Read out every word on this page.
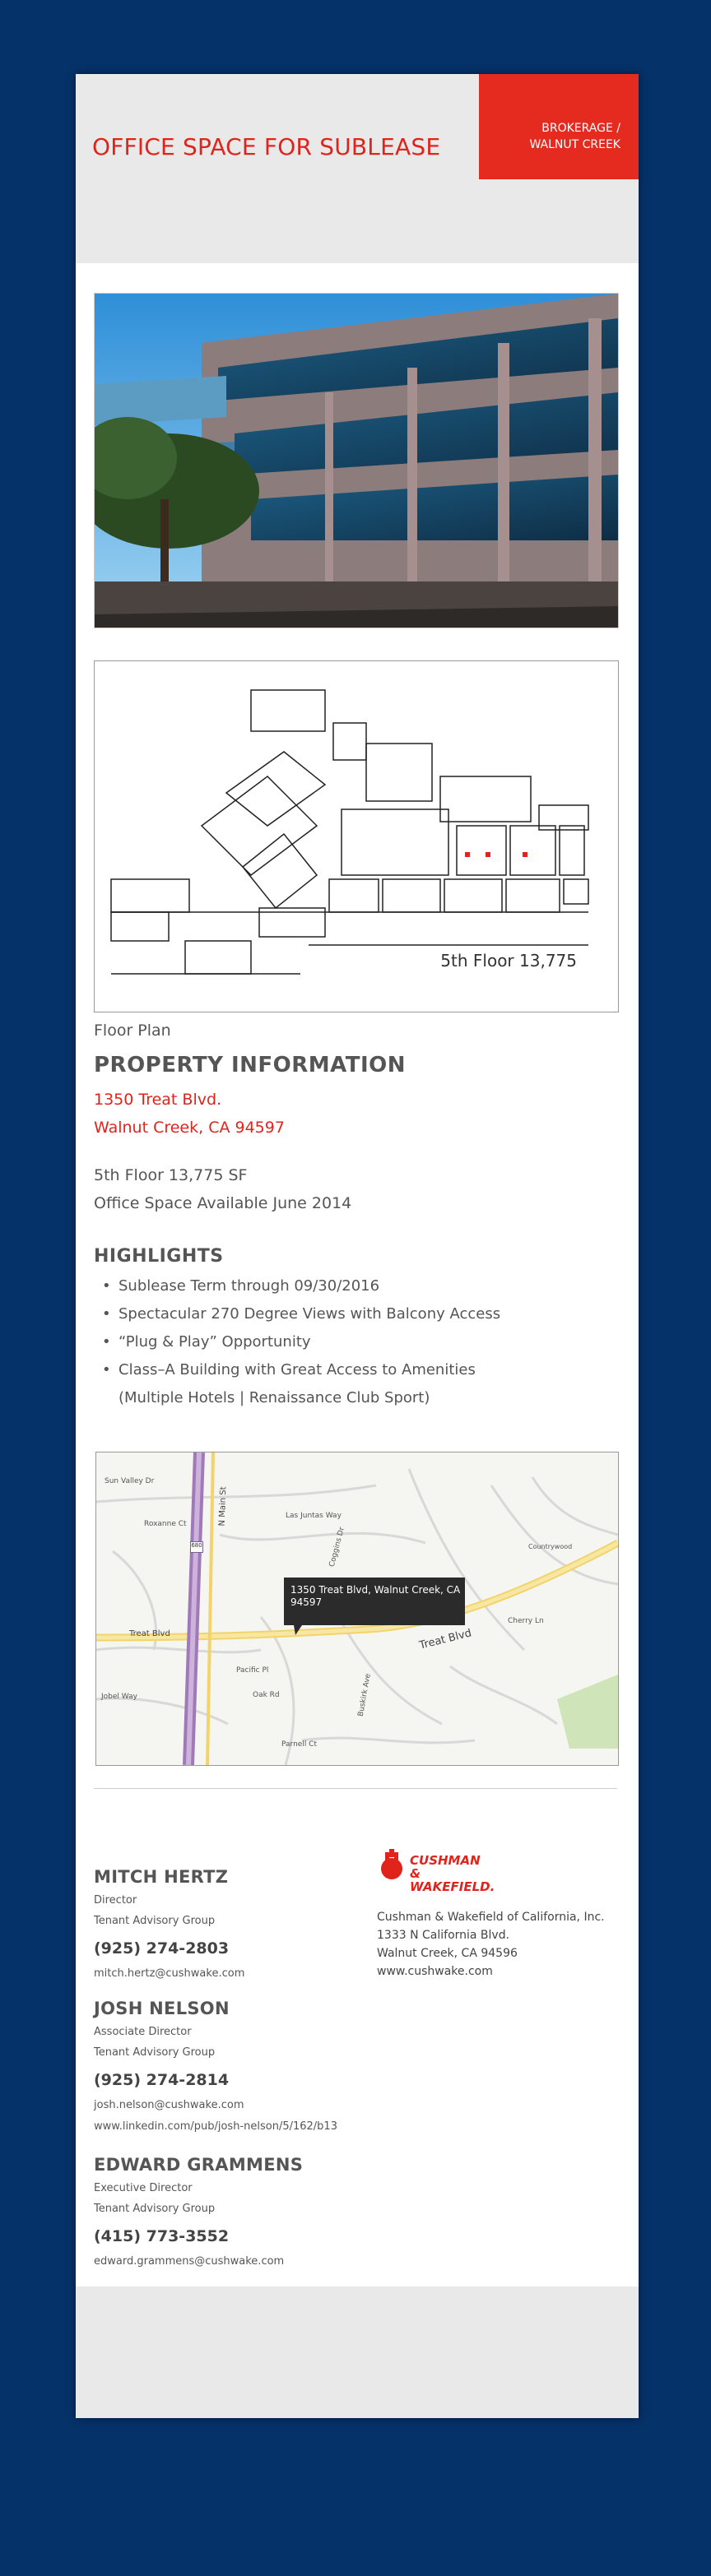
OFFICE SPACE FOR SUBLEASE
BROKERAGE /
WALNUT CREEK
5th Floor 13,775
Floor Plan
PROPERTY INFORMATION
1350 Treat Blvd.
Walnut Creek, CA 94597
5th Floor 13,775 SF
Office Space Available June 2014
HIGHLIGHTS
• Sublease Term through 09/30/2016
• Spectacular 270 Degree Views with Balcony Access
• “Plug & Play” Opportunity
• Class–A Building with Great Access to Amenities
(Multiple Hotels | Renaissance Club Sport)
1350 Treat Blvd, Walnut Creek, CA
94597
Sun Valley Dr
Roxanne Ct
Las Juntas Way
Treat Blvd	Treat Blvd
Pacific Pl
Oak Rd
Parnell Ct
Jobel Way
N Main St
Countrywood
Buskirk Ave
Coggins Dr
Cherry Ln
680
MITCH HERTZ
Director
Tenant Advisory Group
(925) 274-2803
mitch.hertz@cushwake.com
JOSH NELSON
Associate Director
Tenant Advisory Group
(925) 274-2814
josh.nelson@cushwake.com
www.linkedin.com/pub/josh-nelson/5/162/b13
EDWARD GRAMMENS
Executive Director
Tenant Advisory Group
(415) 773-3552
edward.grammens@cushwake.com
CUSHMAN &
WAKEFIELD.
Cushman & Wakefield of California, Inc.
1333 N California Blvd.
Walnut Creek, CA 94596
www.cushwake.com
